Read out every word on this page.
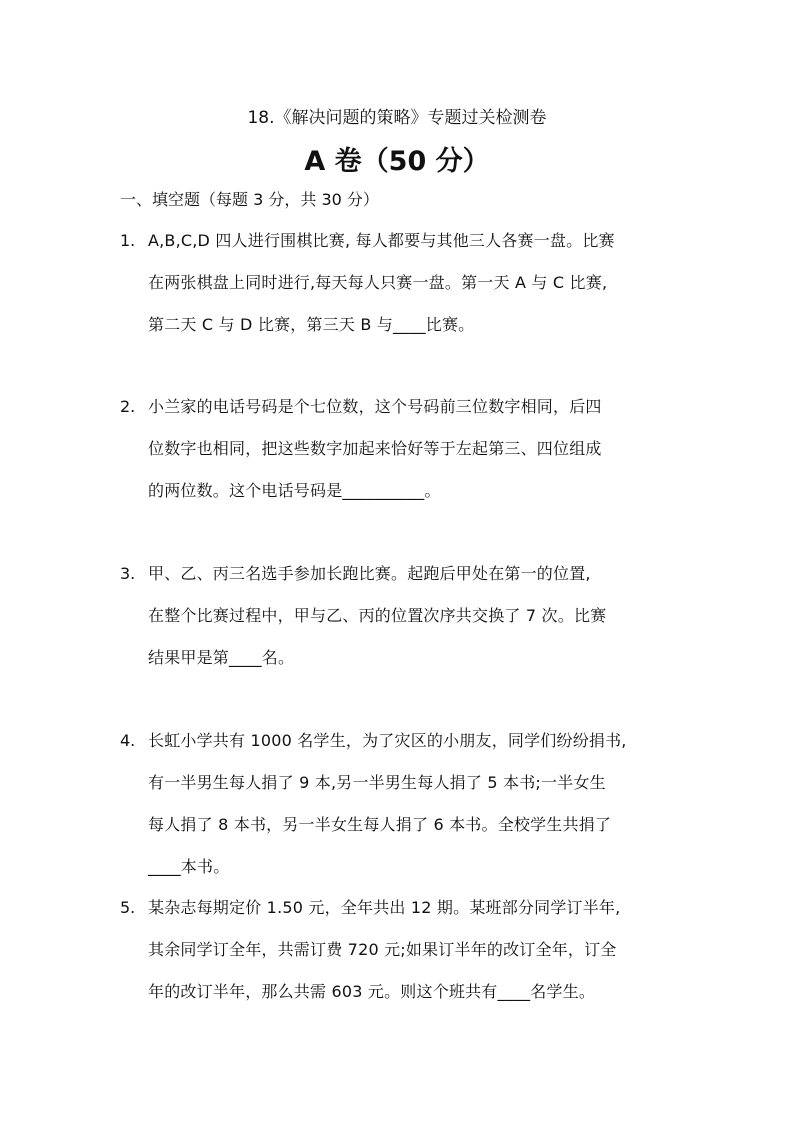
18.《解决问题的策略》专题过关检测卷
A 卷（50 分）
一、填空题（每题 3 分，共 30 分）
1. A,B,C,D 四人进行围棋比赛, 每人都要与其他三人各赛一盘。比赛
在两张棋盘上同时进行,每天每人只赛一盘。第一天 A 与 C 比赛,
第二天 C 与 D 比赛，第三天 B 与____比赛。
2. 小兰家的电话号码是个七位数，这个号码前三位数字相同，后四
位数字也相同，把这些数字加起来恰好等于左起第三、四位组成
的两位数。这个电话号码是__________。
3. 甲、乙、丙三名选手参加长跑比赛。起跑后甲处在第一的位置,
在整个比赛过程中，甲与乙、丙的位置次序共交换了 7 次。比赛
结果甲是第____名。
4. 长虹小学共有 1000 名学生，为了灾区的小朋友，同学们纷纷捐书,
有一半男生每人捐了 9 本,另一半男生每人捐了 5 本书;一半女生
每人捐了 8 本书，另一半女生每人捐了 6 本书。全校学生共捐了
____本书。
5. 某杂志每期定价 1.50 元，全年共出 12 期。某班部分同学订半年,
其余同学订全年，共需订费 720 元;如果订半年的改订全年，订全
年的改订半年，那么共需 603 元。则这个班共有____名学生。
